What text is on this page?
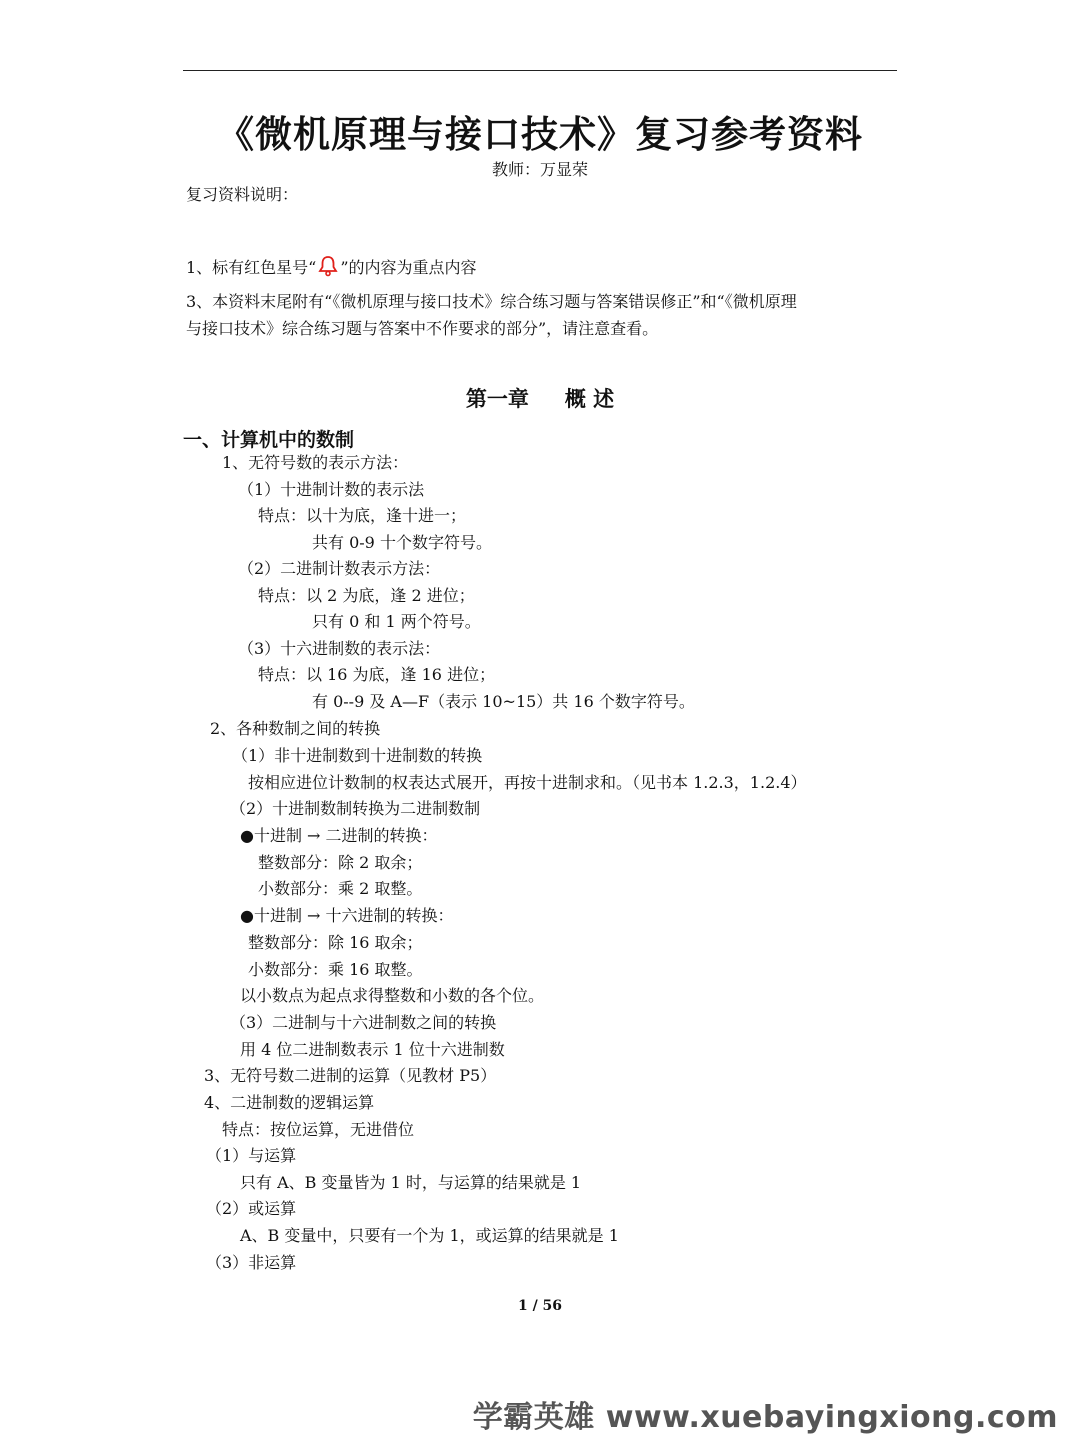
《微机原理与接口技术》复习参考资料
教师：万显荣
复习资料说明：
1、标有红色星号“ ”的内容为重点内容
3、本资料末尾附有“《微机原理与接口技术》综合练习题与答案错误修正”和“《微机原理
与接口技术》综合练习题与答案中不作要求的部分”，请注意查看。
第一章 概 述
一、计算机中的数制
1、无符号数的表示方法：
（1）十进制计数的表示法
特点：以十为底，逢十进一；
共有 0-9 十个数字符号。
（2）二进制计数表示方法：
特点：以 2 为底，逢 2 进位；
只有 0 和 1 两个符号。
（3）十六进制数的表示法：
特点：以 16 为底，逢 16 进位；
有 0--9 及 A—F（表示 10~15）共 16 个数字符号。
2、各种数制之间的转换
（1）非十进制数到十进制数的转换
按相应进位计数制的权表达式展开，再按十进制求和。（见书本 1.2.3，1.2.4）
（2）十进制数制转换为二进制数制
●十进制 → 二进制的转换：
整数部分：除 2 取余；
小数部分：乘 2 取整。
●十进制 → 十六进制的转换：
整数部分：除 16 取余；
小数部分：乘 16 取整。
以小数点为起点求得整数和小数的各个位。
（3）二进制与十六进制数之间的转换
用 4 位二进制数表示 1 位十六进制数
3、无符号数二进制的运算（见教材 P5）
4、二进制数的逻辑运算
特点：按位运算，无进借位
（1）与运算
只有 A、B 变量皆为 1 时，与运算的结果就是 1
（2）或运算
A、B 变量中，只要有一个为 1，或运算的结果就是 1
（3）非运算
1 / 56
学霸英雄 www.xuebayingxiong.com
